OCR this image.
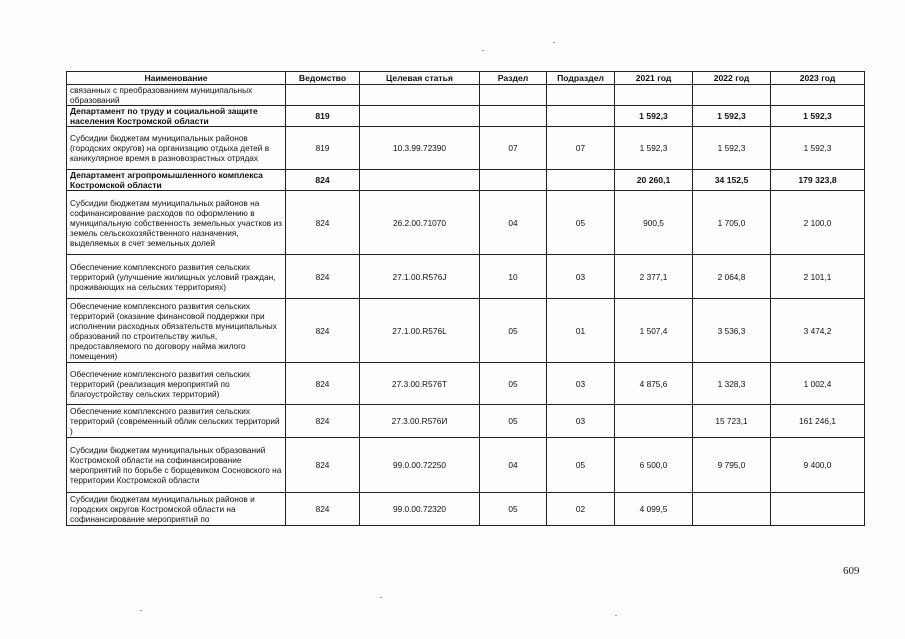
Наименование	Ведомство	Целевая статья	Раздел	Подраздел	2021 год	2022 год	2023 год
связанных с преобразованием муниципальных образований							
Департамент по труду и социальной защите населения Костромской области	819				1 592,3	1 592,3	1 592,3
Субсидии бюджетам муниципальных районов (городских округов) на организацию отдыха детей в каникулярное время в разновозрастных отрядах	819	10.3.99.72390	07	07	1 592,3	1 592,3	1 592,3
Департамент агропромышленного комплекса Костромской области	824				20 260,1	34 152,5	179 323,8
Субсидии бюджетам муниципальных районов на софинансирование расходов по оформлению в муниципальную собственность земельных участков из земель сельскохозяйственного назначения, выделяемых в счет земельных долей	824	26.2.00.71070	04	05	900,5	1 705,0	2 100,0
Обеспечение комплексного развития сельских территорий (улучшение жилищных условий граждан, проживающих на сельских территориях)	824	27.1.00.R576J	10	03	2 377,1	2 064,8	2 101,1
Обеспечение комплексного развития сельских территорий (оказание финансовой поддержки при исполнении расходных обязательств муниципальных образований по строительству жилья, предоставляемого по договору найма жилого помещения)	824	27.1.00.R576L	05	01	1 507,4	3 536,3	3 474,2
Обеспечение комплексного развития сельских территорий (реализация мероприятий по благоустройству сельских территорий)	824	27.3.00.R576T	05	03	4 875,6	1 328,3	1 002,4
Обеспечение комплексного развития сельских территорий (современный облик сельских территорий )	824	27.3.00.R576И	05	03		15 723,1	161 246,1
Субсидии бюджетам муниципальных образований Костромской области на софинансирование мероприятий по борьбе с борщевиком Сосновского на территории Костромской области	824	99.0.00.72250	04	05	6 500,0	9 795,0	9 400,0
Субсидии бюджетам муниципальных районов и городских округов Костромской области на софинансирование мероприятий по	824	99.0.00.72320	05	02	4 099,5		
609
